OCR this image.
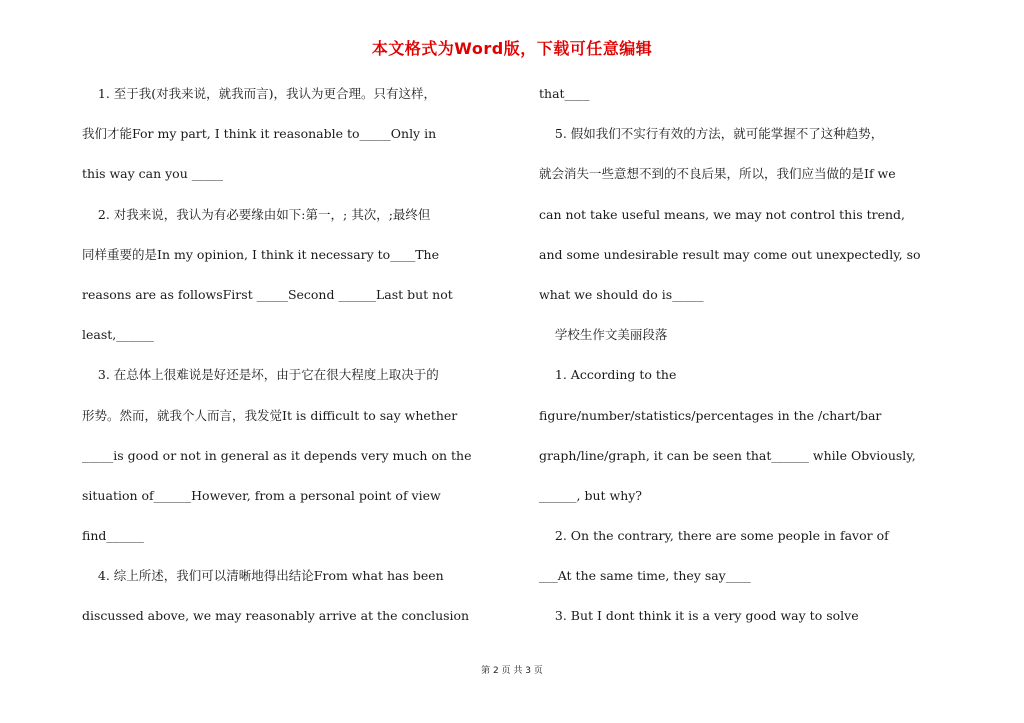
本文格式为Word版，下载可任意编辑
1. 至于我(对我来说，就我而言)，我认为更合理。只有这样，
我们才能For my part, I think it reasonable to_____Only in
this way can you _____
2. 对我来说，我认为有必要缘由如下:第一，; 其次，;最终但
同样重要的是In my opinion, I think it necessary to____The
reasons are as followsFirst _____Second ______Last but not
least,______
3. 在总体上很难说是好还是坏，由于它在很大程度上取决于的
形势。然而，就我个人而言，我发觉It is difficult to say whether
_____is good or not in general as it depends very much on the
situation of______However, from a personal point of view
find______
4. 综上所述，我们可以清晰地得出结论From what has been
discussed above, we may reasonably arrive at the conclusion
that____
5. 假如我们不实行有效的方法，就可能掌握不了这种趋势，
就会消失一些意想不到的不良后果，所以，我们应当做的是If we
can not take useful means, we may not control this trend,
and some undesirable result may come out unexpectedly, so
what we should do is_____
学校生作文美丽段落
1. According to the
figure/number/statistics/percentages in the /chart/bar
graph/line/graph, it can be seen that______ while Obviously,
______, but why?
2. On the contrary, there are some people in favor of
___At the same time, they say____
3. But I dont think it is a very good way to solve
第 2 页 共 3 页
